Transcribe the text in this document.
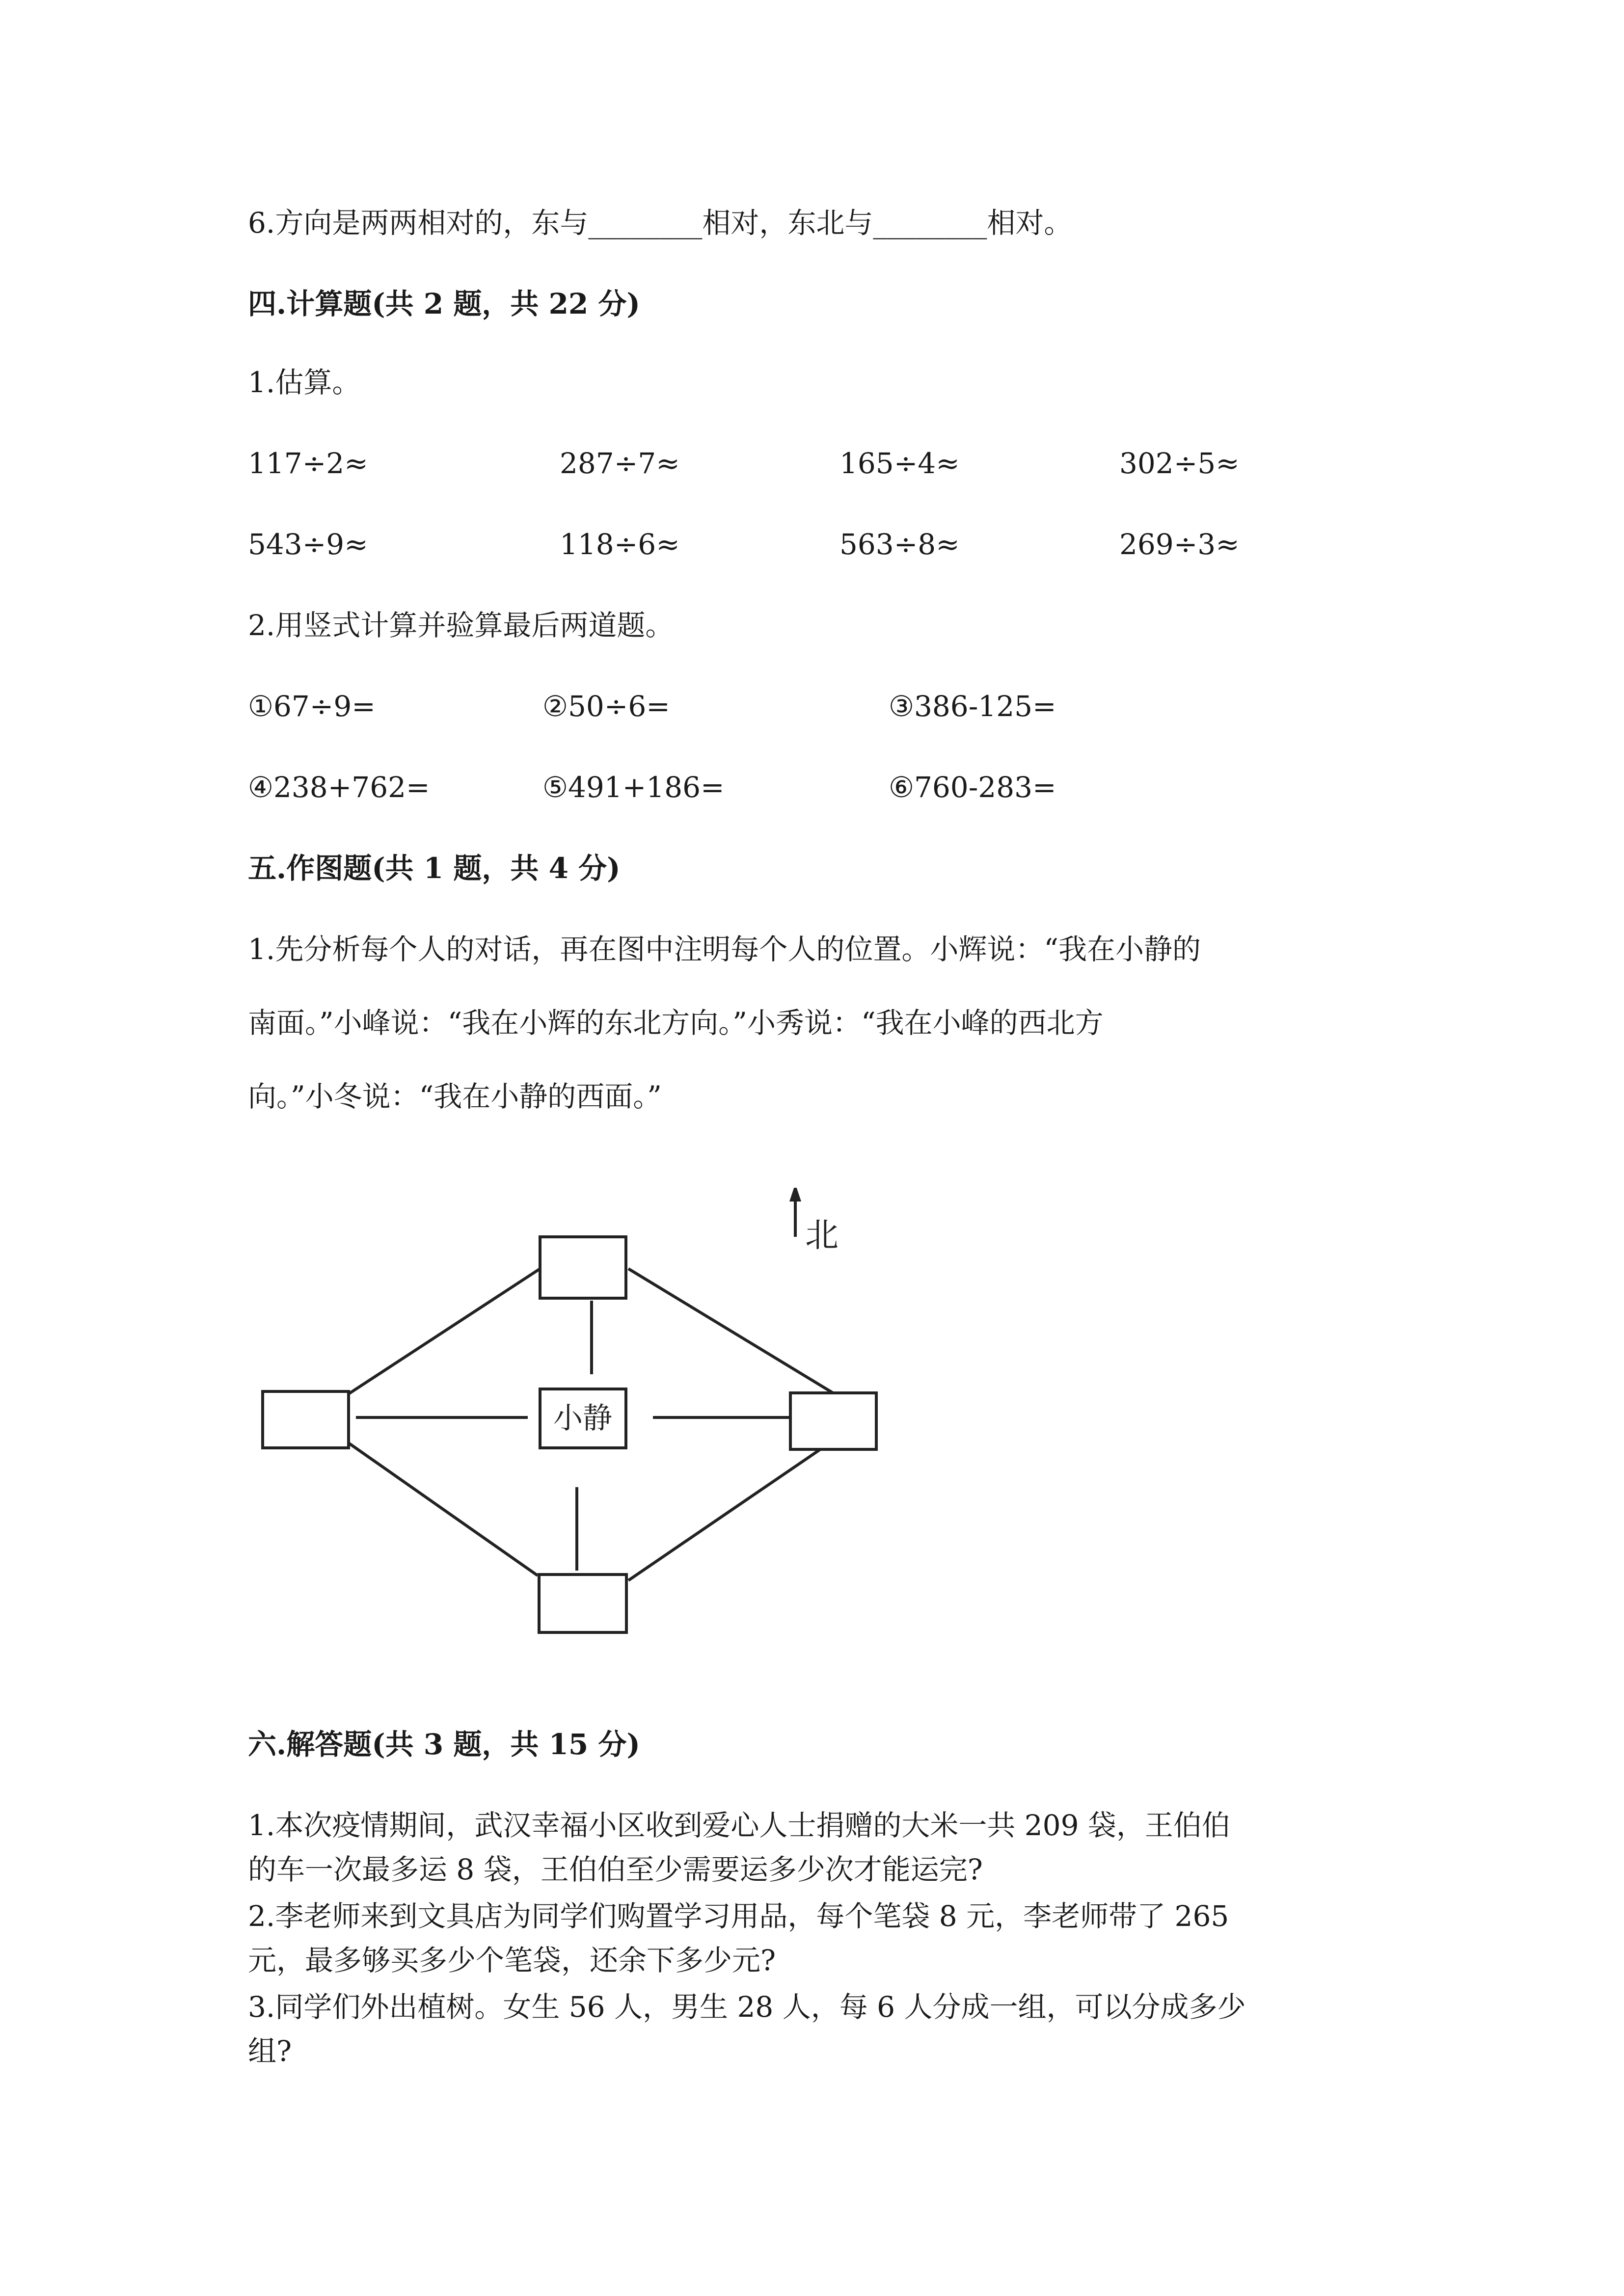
6.方向是两两相对的，东与________相对，东北与________相对。
四.计算题(共 2 题，共 22 分)
1.估算。
117÷2≈	287÷7≈	165÷4≈	302÷5≈
543÷9≈	118÷6≈	563÷8≈	269÷3≈
2.用竖式计算并验算最后两道题。
①67÷9=	②50÷6=	③386-125=
④238+762=	⑤491+186=	⑥760-283=
五.作图题(共 1 题，共 4 分)
1.先分析每个人的对话，再在图中注明每个人的位置。小辉说：“我在小静的
南面。”小峰说：“我在小辉的东北方向。”小秀说：“我在小峰的西北方
向。”小冬说：“我在小静的西面。”
北
小静
六.解答题(共 3 题，共 15 分)
1.本次疫情期间，武汉幸福小区收到爱心人士捐赠的大米一共 209 袋，王伯伯
的车一次最多运 8 袋，王伯伯至少需要运多少次才能运完?
2.李老师来到文具店为同学们购置学习用品，每个笔袋 8 元，李老师带了 265
元，最多够买多少个笔袋，还余下多少元?
3.同学们外出植树。女生 56 人，男生 28 人，每 6 人分成一组，可以分成多少
组?
